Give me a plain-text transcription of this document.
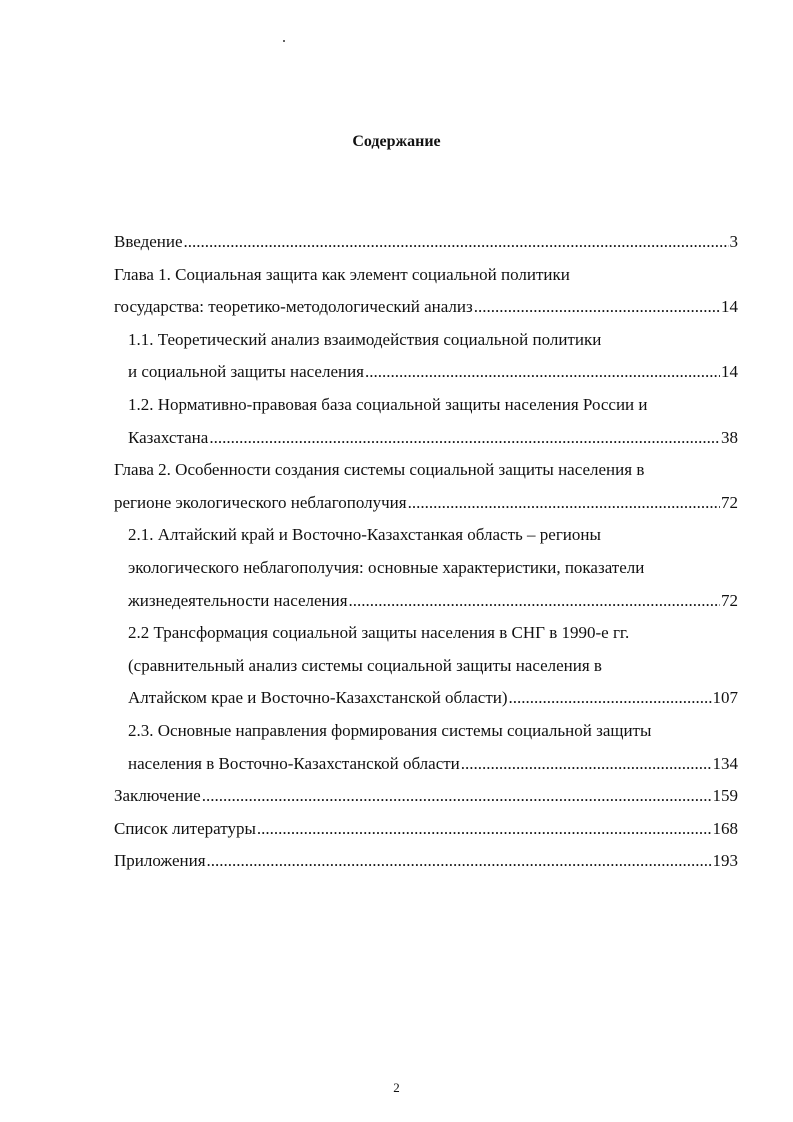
Содержание
Введение .....	3
Глава 1. Социальная защита как элемент социальной политики
государства: теоретико-методологический анализ .....	14
1.1. Теоретический анализ взаимодействия социальной политики
и социальной защиты населения .....	14
1.2. Нормативно-правовая база социальной защиты населения России и
Казахстана .....	38
Глава 2. Особенности создания системы социальной защиты населения в
регионе экологического неблагополучия .....	72
2.1. Алтайский край и Восточно-Казахстанкая область – регионы
экологического неблагополучия: основные характеристики, показатели
жизнедеятельности населения .....	72
2.2 Трансформация социальной защиты населения в СНГ в 1990-е гг.
(сравнительный анализ системы социальной защиты населения в
Алтайском крае и Восточно-Казахстанской области) .....	107
2.3. Основные направления формирования системы социальной защиты
населения в Восточно-Казахстанской области .....	134
Заключение .....	159
Список литературы .....	168
Приложения .....	193
2
